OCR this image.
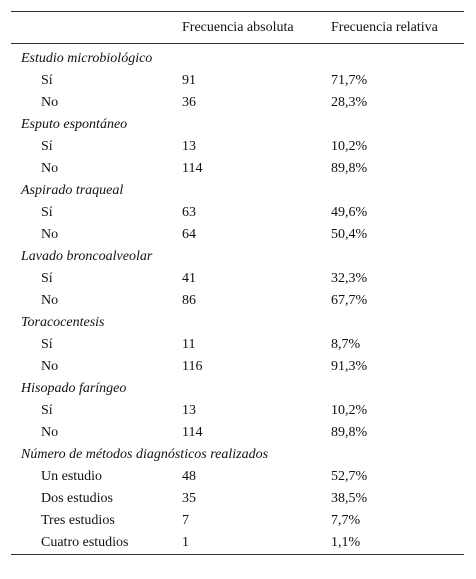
	Frecuencia absoluta	Frecuencia relativa
Estudio microbiológico		
Sí	91	71,7%
No	36	28,3%
Esputo espontáneo		
Sí	13	10,2%
No	114	89,8%
Aspirado traqueal		
Sí	63	49,6%
No	64	50,4%
Lavado broncoalveolar		
Sí	41	32,3%
No	86	67,7%
Toracocentesis		
Sí	11	8,7%
No	116	91,3%
Hisopado faríngeo		
Sí	13	10,2%
No	114	89,8%
Número de métodos diagnósticos realizados		
Un estudio	48	52,7%
Dos estudios	35	38,5%
Tres estudios	7	7,7%
Cuatro estudios	1	1,1%
